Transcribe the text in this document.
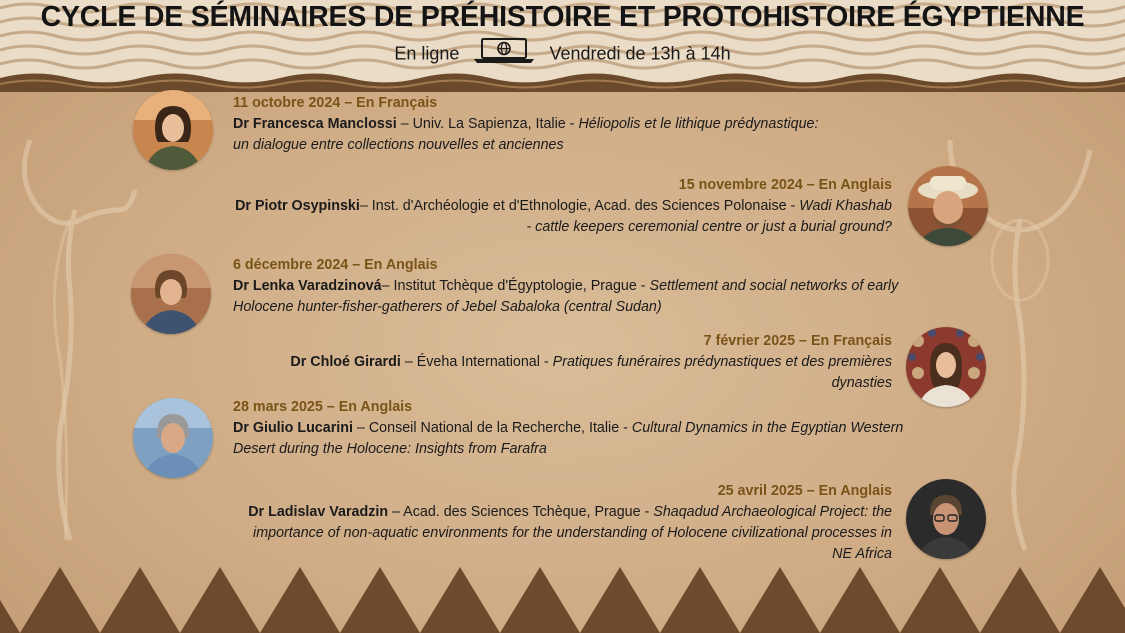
CYCLE DE SÉMINAIRES DE PRÉHISTOIRE ET PROTOHISTOIRE ÉGYPTIENNE
En ligne	Vendredi de 13h à 14h
11 octobre 2024 – En Français
Dr Francesca Manclossi – Univ. La Sapienza, Italie - Héliopolis et le lithique prédynastique: un dialogue entre collections nouvelles et anciennes
15 novembre 2024 – En Anglais
Dr Piotr Osypinski– Inst. d'Archéologie et d'Ethnologie, Acad. des Sciences Polonaise - Wadi Khashab - cattle keepers ceremonial centre or just a burial ground?
6 décembre 2024 – En Anglais
Dr Lenka Varadzinová– Institut Tchèque d'Égyptologie, Prague - Settlement and social networks of early Holocene hunter-fisher-gatherers of Jebel Sabaloka (central Sudan)
7 février 2025 – En Français
Dr Chloé Girardi – Éveha International - Pratiques funéraires prédynastiques et des premières dynasties
28 mars 2025 – En Anglais
Dr Giulio Lucarini – Conseil National de la Recherche, Italie - Cultural Dynamics in the Egyptian Western Desert during the Holocene: Insights from Farafra
25 avril 2025 – En Anglais
Dr Ladislav Varadzin – Acad. des Sciences Tchèque, Prague - Shaqadud Archaeological Project: the importance of non-aquatic environments for the understanding of Holocene civilizational processes in NE Africa
